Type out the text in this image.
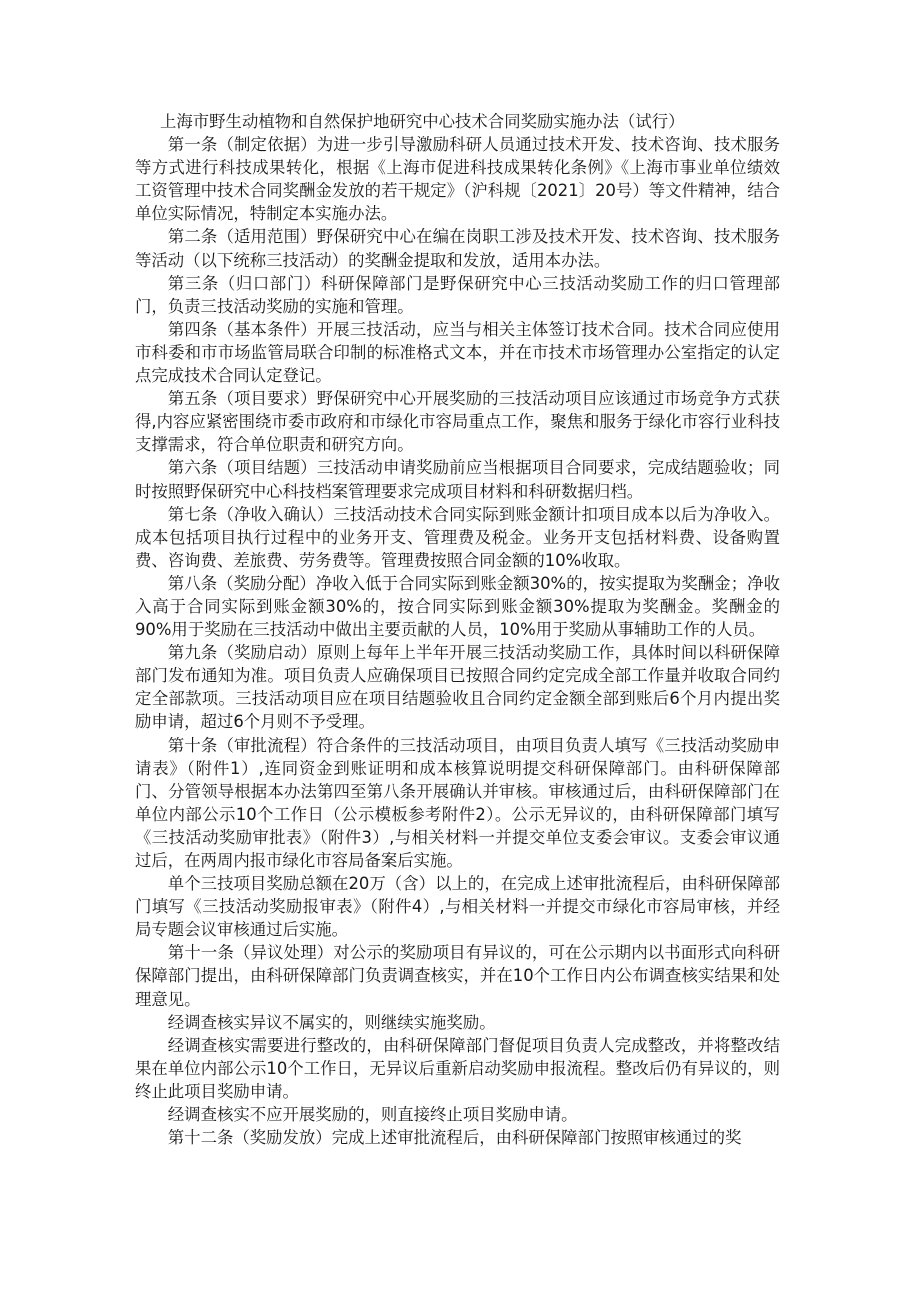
上海市野生动植物和自然保护地研究中心技术合同奖励实施办法（试行）

第一条（制定依据）为进一步引导激励科研人员通过技术开发、技术咨询、技术服务等方式进行科技成果转化，根据《上海市促进科技成果转化条例》《上海市事业单位绩效工资管理中技术合同奖酬金发放的若干规定》（沪科规〔2021〕20号）等文件精神，结合单位实际情况，特制定本实施办法。

第二条（适用范围）野保研究中心在编在岗职工涉及技术开发、技术咨询、技术服务等活动（以下统称三技活动）的奖酬金提取和发放，适用本办法。

第三条（归口部门）科研保障部门是野保研究中心三技活动奖励工作的归口管理部门，负责三技活动奖励的实施和管理。

第四条（基本条件）开展三技活动，应当与相关主体签订技术合同。技术合同应使用市科委和市市场监管局联合印制的标准格式文本，并在市技术市场管理办公室指定的认定点完成技术合同认定登记。

第五条（项目要求）野保研究中心开展奖励的三技活动项目应该通过市场竞争方式获得,内容应紧密围绕市委市政府和市绿化市容局重点工作，聚焦和服务于绿化市容行业科技支撑需求，符合单位职责和研究方向。

第六条（项目结题）三技活动申请奖励前应当根据项目合同要求，完成结题验收；同时按照野保研究中心科技档案管理要求完成项目材料和科研数据归档。

第七条（净收入确认）三技活动技术合同实际到账金额计扣项目成本以后为净收入。成本包括项目执行过程中的业务开支、管理费及税金。业务开支包括材料费、设备购置费、咨询费、差旅费、劳务费等。管理费按照合同金额的10%收取。

第八条（奖励分配）净收入低于合同实际到账金额30%的，按实提取为奖酬金；净收入高于合同实际到账金额30%的，按合同实际到账金额30%提取为奖酬金。奖酬金的90%用于奖励在三技活动中做出主要贡献的人员，10%用于奖励从事辅助工作的人员。

第九条（奖励启动）原则上每年上半年开展三技活动奖励工作，具体时间以科研保障部门发布通知为准。项目负责人应确保项目已按照合同约定完成全部工作量并收取合同约定全部款项。三技活动项目应在项目结题验收且合同约定金额全部到账后6个月内提出奖励申请，超过6个月则不予受理。

第十条（审批流程）符合条件的三技活动项目，由项目负责人填写《三技活动奖励申请表》（附件1）,连同资金到账证明和成本核算说明提交科研保障部门。由科研保障部门、分管领导根据本办法第四至第八条开展确认并审核。审核通过后，由科研保障部门在单位内部公示10个工作日（公示模板参考附件2）。公示无异议的，由科研保障部门填写《三技活动奖励审批表》（附件3）,与相关材料一并提交单位支委会审议。支委会审议通过后，在两周内报市绿化市容局备案后实施。

单个三技项目奖励总额在20万（含）以上的，在完成上述审批流程后，由科研保障部门填写《三技活动奖励报审表》（附件4）,与相关材料一并提交市绿化市容局审核，并经局专题会议审核通过后实施。

第十一条（异议处理）对公示的奖励项目有异议的，可在公示期内以书面形式向科研保障部门提出，由科研保障部门负责调查核实，并在10个工作日内公布调查核实结果和处理意见。

经调查核实异议不属实的，则继续实施奖励。

经调查核实需要进行整改的，由科研保障部门督促项目负责人完成整改，并将整改结果在单位内部公示10个工作日，无异议后重新启动奖励申报流程。整改后仍有异议的，则终止此项目奖励申请。

经调查核实不应开展奖励的，则直接终止项目奖励申请。

第十二条（奖励发放）完成上述审批流程后，由科研保障部门按照审核通过的奖
